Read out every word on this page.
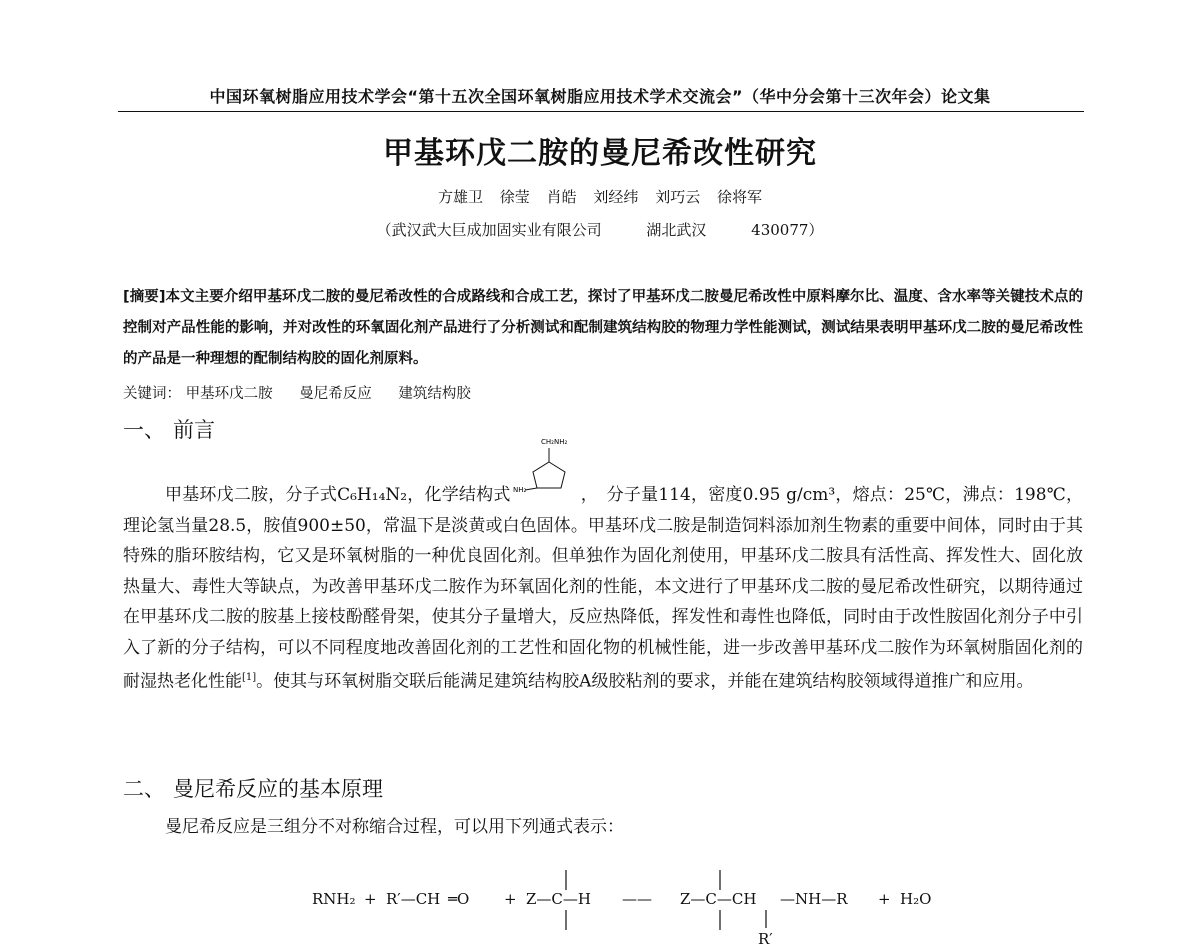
中国环氧树脂应用技术学会“第十五次全国环氧树脂应用技术学术交流会”（华中分会第十三次年会）论文集
甲基环戊二胺的曼尼希改性研究
方雄卫 徐莹 肖皓 刘经纬 刘巧云 徐将军
（武汉武大巨成加固实业有限公司	湖北武汉	430077）
[摘要]本文主要介绍甲基环戊二胺的曼尼希改性的合成路线和合成工艺，探讨了甲基环戊二胺曼尼希改性中原料摩尔比、温度、含水率等关键技术点的控制对产品性能的影响，并对改性的环氧固化剂产品进行了分析测试和配制建筑结构胶的物理力学性能测试，测试结果表明甲基环戊二胺的曼尼希改性的产品是一种理想的配制结构胶的固化剂原料。
关键词： 甲基环戊二胺 曼尼希反应 建筑结构胶
一、 前言
甲基环戊二胺，分子式C₆H₁₄N₂，化学结构式
CH₂NH₂
NH₂	，　分子量114，密度0.95 g/cm³，熔点：25℃，沸点：198℃，理论氢当量28.5，胺值900±50，常温下是淡黄或白色固体。甲基环戊二胺是制造饲料添加剂生物素的重要中间体，同时由于其特殊的脂环胺结构，它又是环氧树脂的一种优良固化剂。但单独作为固化剂使用，甲基环戊二胺具有活性高、挥发性大、固化放热量大、毒性大等缺点，为改善甲基环戊二胺作为环氧固化剂的性能，本文进行了甲基环戊二胺的曼尼希改性研究，以期待通过在甲基环戊二胺的胺基上接枝酚醛骨架，使其分子量增大，反应热降低，挥发性和毒性也降低，同时由于改性胺固化剂分子中引入了新的分子结构，可以不同程度地改善固化剂的工艺性和固化物的机械性能，进一步改善甲基环戊二胺作为环氧树脂固化剂的耐湿热老化性能[1]。使其与环氧树脂交联后能满足建筑结构胶A级胶粘剂的要求，并能在建筑结构胶领域得道推广和应用。
二、 曼尼希反应的基本原理
曼尼希反应是三组分不对称缩合过程，可以用下列通式表示：
RNH₂ + R′—CH ═O + Z—C—H —— Z—C—CH —NH—R + H₂O
R′
